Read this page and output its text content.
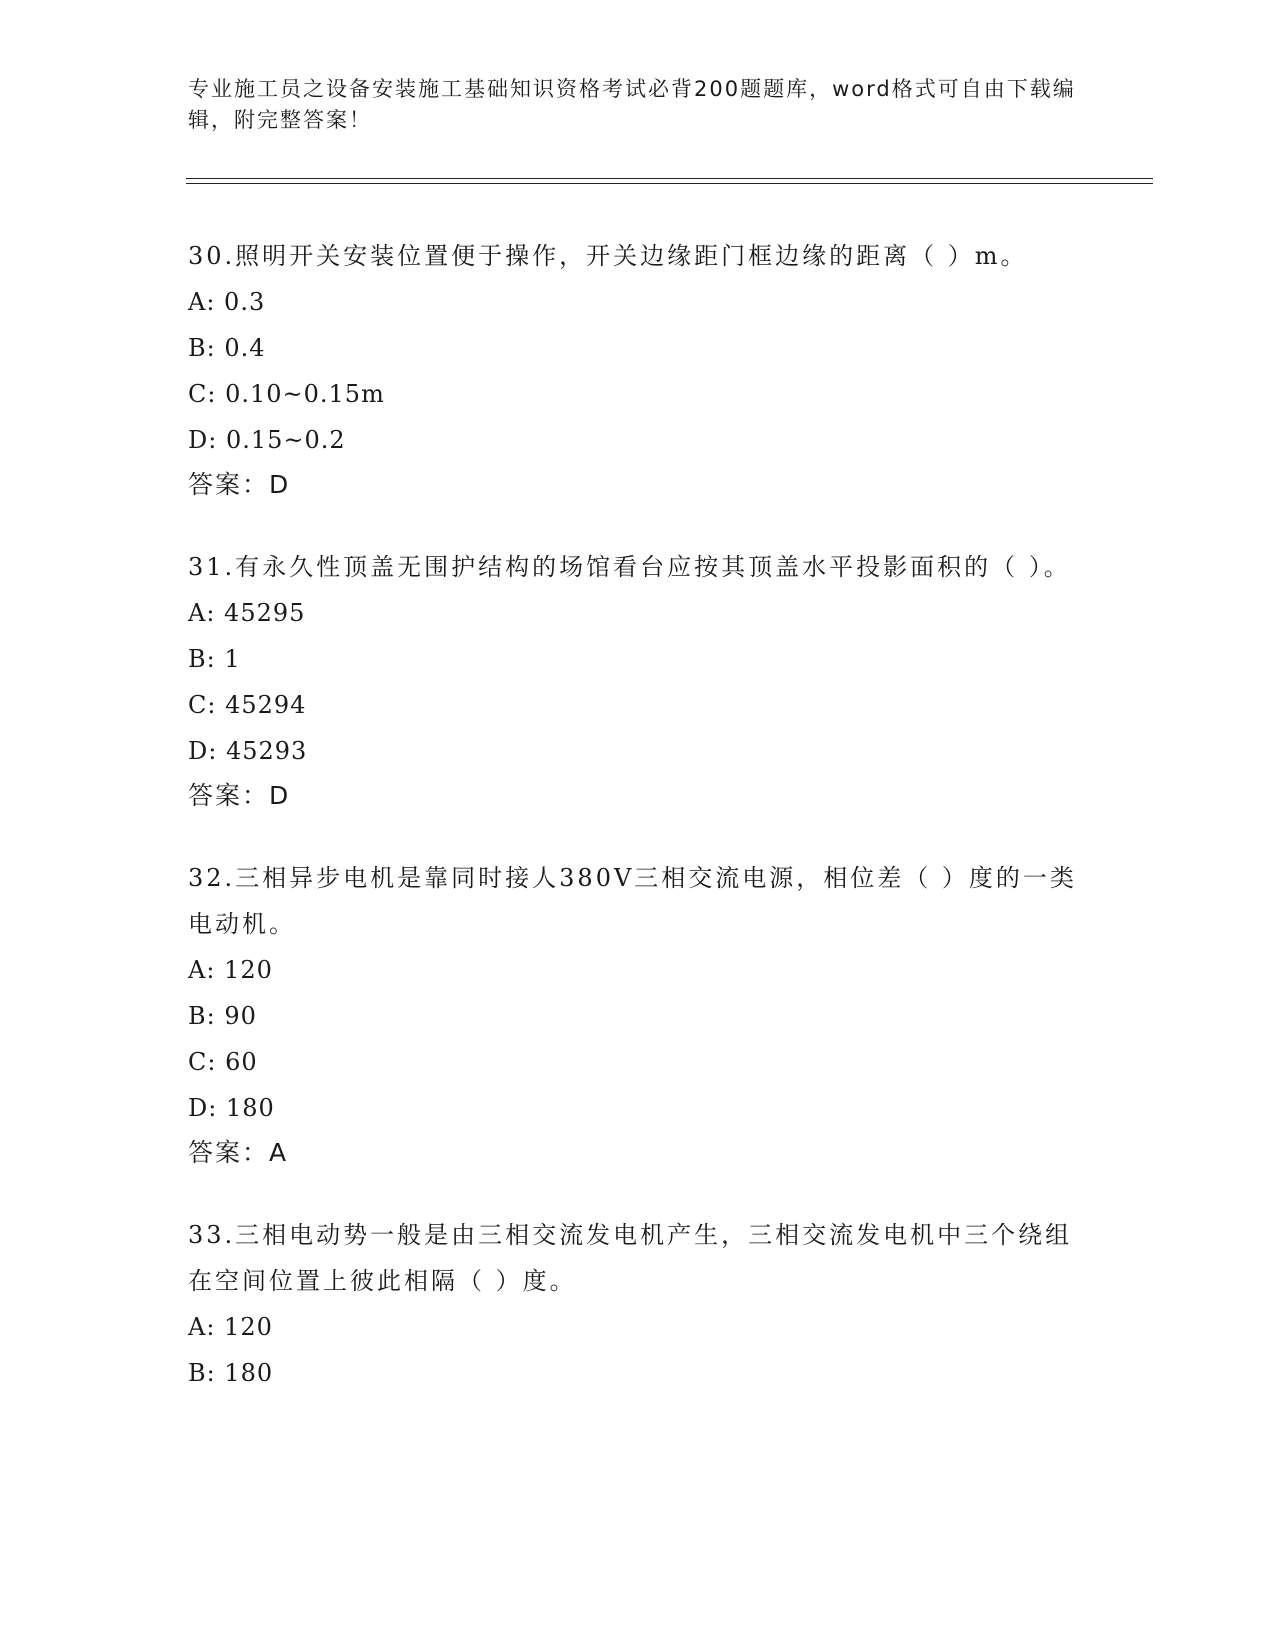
专业施工员之设备安装施工基础知识资格考试必背200题题库，word格式可自由下载编辑，附完整答案！
30.照明开关安装位置便于操作，开关边缘距门框边缘的距离（ ）m。
A: 0.3
B: 0.4
C: 0.10~0.15m
D: 0.15~0.2
答案：D
31.有永久性顶盖无围护结构的场馆看台应按其顶盖水平投影面积的（ ）。
A: 45295
B: 1
C: 45294
D: 45293
答案：D
32.三相异步电机是靠同时接人380V三相交流电源，相位差（ ）度的一类电动机。
A: 120
B: 90
C: 60
D: 180
答案：A
33.三相电动势一般是由三相交流发电机产生，三相交流发电机中三个绕组在空间位置上彼此相隔（ ）度。
A: 120
B: 180
